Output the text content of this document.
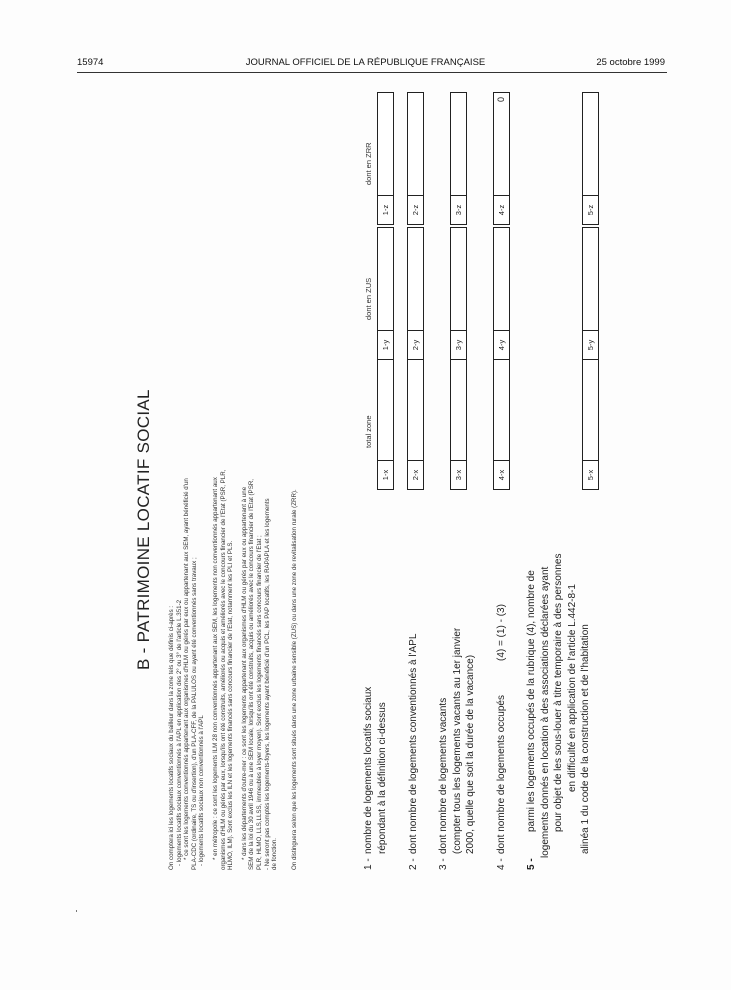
15974	JOURNAL OFFICIEL DE LA RÉPUBLIQUE FRANÇAISE	25 octobre 1999
B - PATRIMOINE LOCATIF SOCIAL

On comptera ici les logements locatifs sociaux du bailleur dans la zone tels que définis ci-après : - logements locatifs sociaux conventionnés à l'APL en application des 2° ou 3° de l'article L.351-2 * ce sont les logements conventionnés appartenant aux organismes d'HLM ou gérés par eux ou appartenant aux SEM, ayant bénéficié d'un PLA-CDC (ordinaire, TS ou d'insertion), d'un PLA-CFF, de la PALULOS ou ayant été conventionnés sans travaux ; - logements locatifs sociaux non conventionnés à l'APL * en métropole : ce sont les logements ILM 28 non conventionnés appartenant aux SEM, les logements non conventionnés appartenant aux organismes d'HLM ou gérés par eux, lorsqu'ils ont été construits, améliorés ou acquis et améliorés avec le concours financier de l'Etat (PSR, PLR, HLMO, ILM). Sont exclus les ILN et les logements financés sans concours financier de l'Etat, notamment les PLI et PLS. * dans les départements d'outre-mer : ce sont les logements appartenant aux organismes d'HLM ou gérés par eux ou appartenant à une SEM de la loi du 30 avril 1946 ou à une SEM locale, lorsqu'ils ont été construits, acquis ou améliorés avec le concours financier de l'Etat (PSR, PLR, HLMO, LLS,LLSS, immeubles à loyer moyen). Sont exclus les logements financés sans concours financier de l'Etat ; - Ne seront pas comptés les logements-foyers, les logements ayant bénéficié d'un PCL, les PAP locatifs, les RAPAPLA et les logements de fonction. On distinguera selon que les logements sont situés dans une zone urbaine sensible (ZUS) ou dans une zone de revitalisation rurale (ZRR).

total zone
dont en ZUS
dont en ZRR
1 -nombre de logements locatifs sociaux répondant à la définition ci-dessus
2 -dont nombre de logements conventionnés à l'APL
3 -dont nombre de logements vacants (compter tous les logements vacants au 1er janvier 2000, quelle que soit la durée de la vacance)
4 -dont nombre de logements occupés(4) = (1) - (3)
5 -parmi les logements occupés de la rubrique (4), nombre de logements donnés en location à des associations déclarées ayant pour objet de les sous-louer à titre temporaire à des personnes en difficulté en application de l'article L.442-8-1 alinéa 1 du code de la construction et de l'habitation
1-x
1-y
1-z
2-x
2-y
2-z
3-x
3-y
3-z
4-x
4-y
4-z
0
5-x
5-y
5-z
